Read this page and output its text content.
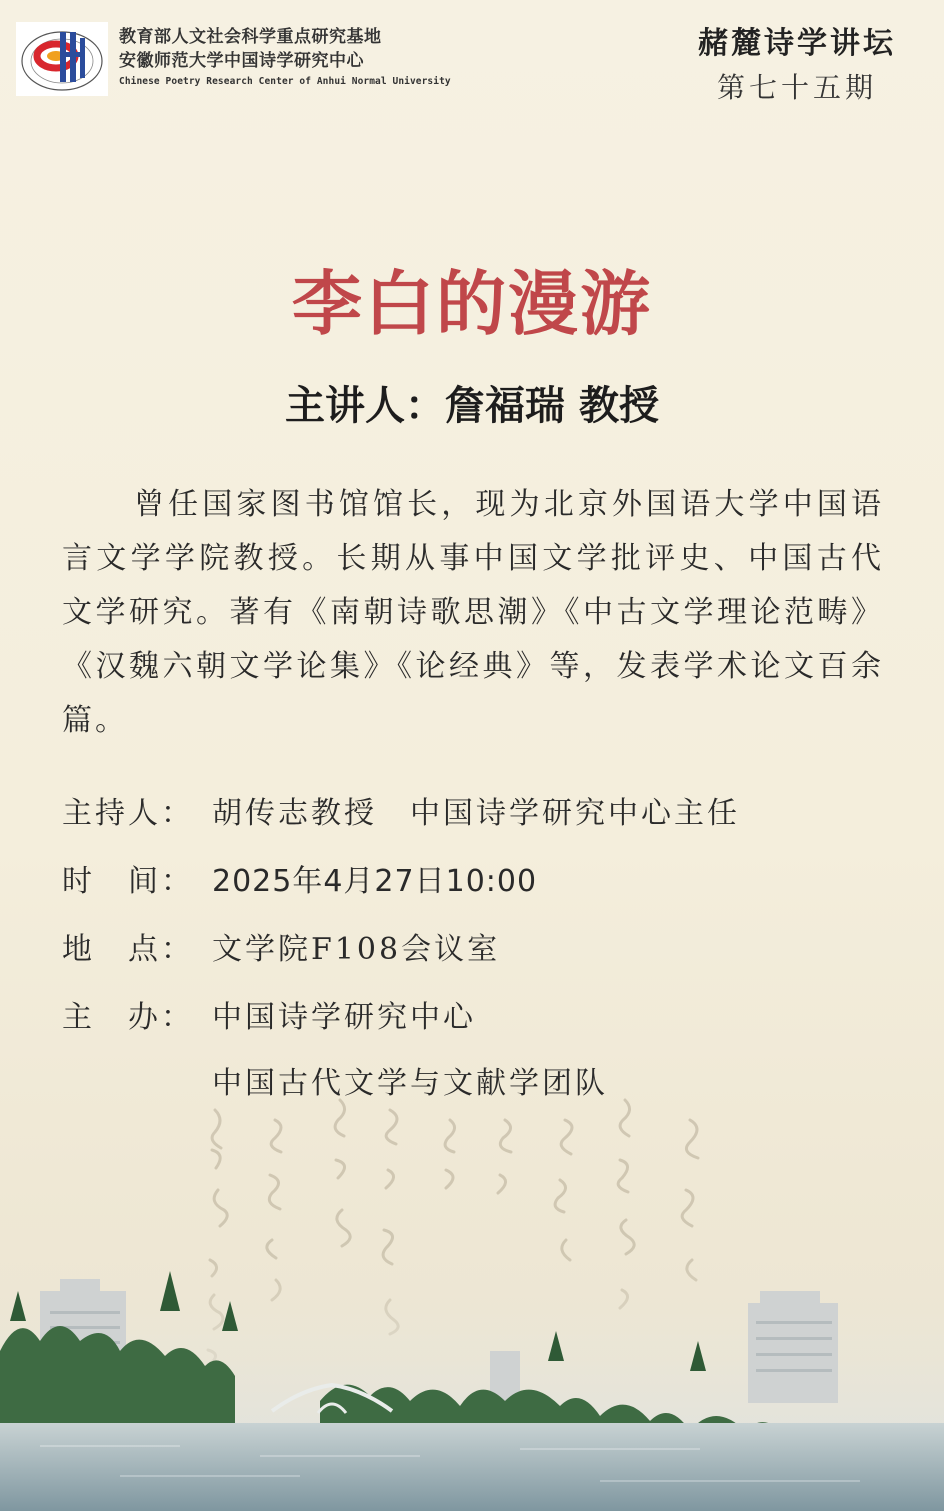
教育部人文社会科学重点研究基地
安徽师范大学中国诗学研究中心
Chinese Poetry Research Center of Anhui Normal University
赭麓诗学讲坛
第七十五期
李白的漫游
主讲人：詹福瑞 教授
曾任国家图书馆馆长，现为北京外国语大学中国语言文学学院教授。长期从事中国文学批评史、中国古代文学研究。著有《南朝诗歌思潮》《中古文学理论范畴》《汉魏六朝文学论集》《论经典》等，发表学术论文百余篇。
主持人： 胡传志教授　中国诗学研究中心主任
时　间： 2025年4月27日10:00
地　点： 文学院F108会议室
主　办： 中国诗学研究中心
中国古代文学与文献学团队
